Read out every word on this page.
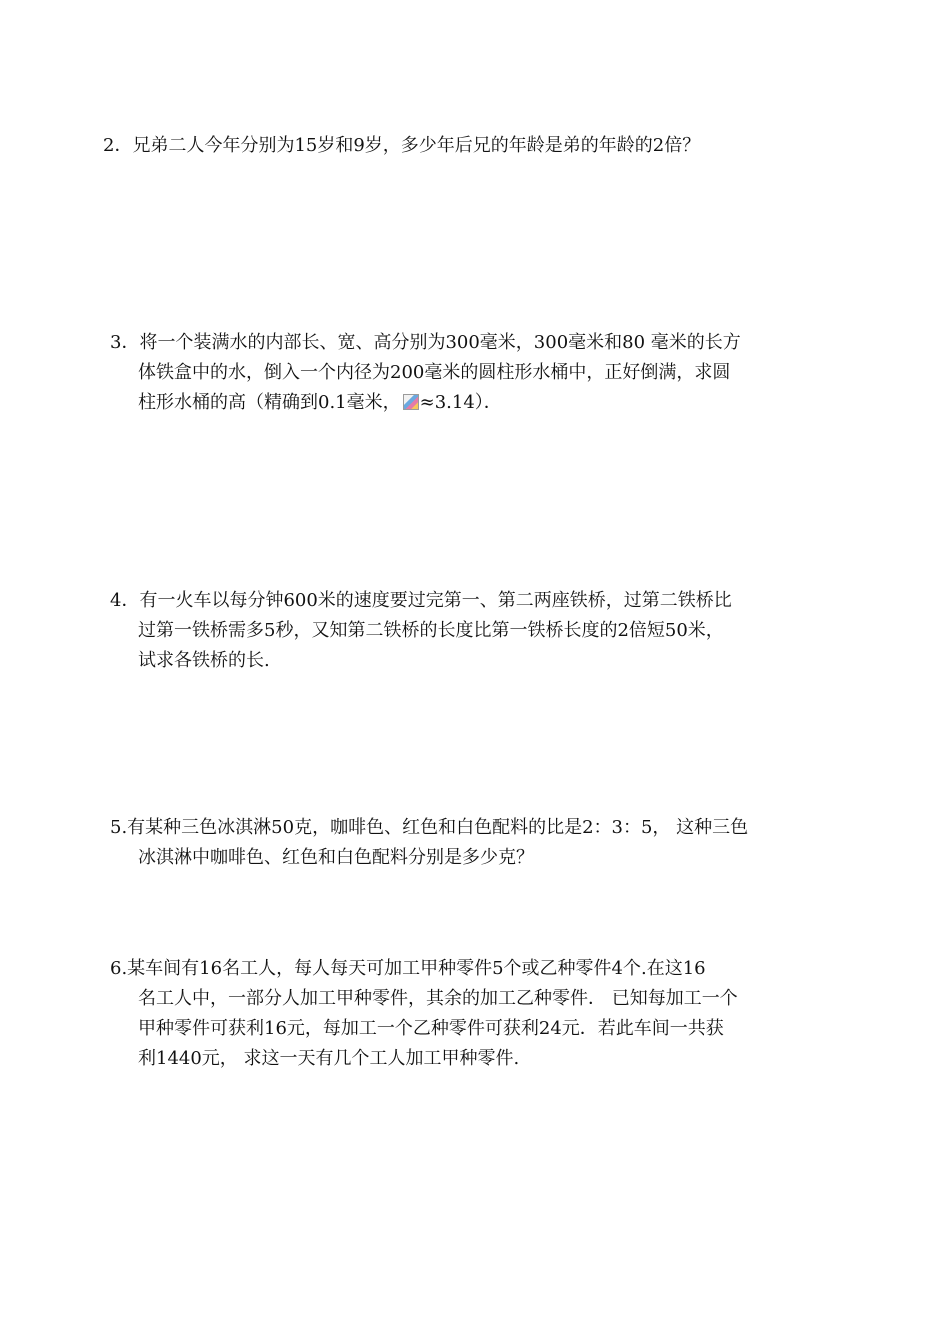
2．兄弟二人今年分别为15岁和9岁，多少年后兄的年龄是弟的年龄的2倍？
3．将一个装满水的内部长、宽、高分别为300毫米，300毫米和80 毫米的长方
体铁盒中的水，倒入一个内径为200毫米的圆柱形水桶中，正好倒满，求圆
柱形水桶的高（精确到0.1毫米， ≈3.14）．
4．有一火车以每分钟600米的速度要过完第一、第二两座铁桥，过第二铁桥比
过第一铁桥需多5秒，又知第二铁桥的长度比第一铁桥长度的2倍短50米，
试求各铁桥的长.
5.有某种三色冰淇淋50克，咖啡色、红色和白色配料的比是2：3：5， 这种三色
冰淇淋中咖啡色、红色和白色配料分别是多少克？
6.某车间有16名工人，每人每天可加工甲种零件5个或乙种零件4个.在这16
名工人中，一部分人加工甲种零件，其余的加工乙种零件． 已知每加工一个
甲种零件可获利16元，每加工一个乙种零件可获利24元．若此车间一共获
利1440元， 求这一天有几个工人加工甲种零件.
